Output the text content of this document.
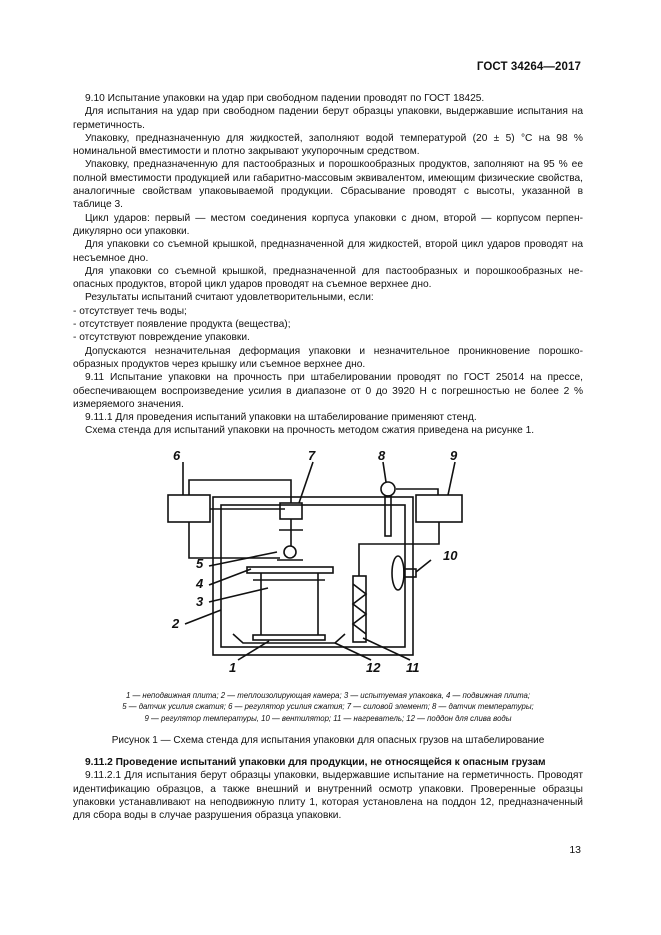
ГОСТ 34264—2017

9.10 Испытание упаковки на удар при свободном падении проводят по ГОСТ 18425.

Для испытания на удар при свободном падении берут образцы упаковки, выдержавшие испытания на герметичность.

Упаковку, предназначенную для жидкостей, заполняют водой температурой (20 ± 5) °С на 98 % номинальной вместимости и плотно закрывают укупорочным средством.

Упаковку, предназначенную для пастообразных и порошкообразных продуктов, заполняют на 95 % ее полной вместимости продукцией или габаритно-массовым эквивалентом, имеющим физические свойства, аналогичные свойствам упаковываемой продукции. Сбрасывание проводят с высоты, указанной в таблице 3.

Цикл ударов: первый — местом соединения корпуса упаковки с дном, второй — корпусом перпендикулярно оси упаковки.

Для упаковки со съемной крышкой, предназначенной для жидкостей, второй цикл ударов проводят на несъемное дно.

Для упаковки со съемной крышкой, предназначенной для пастообразных и порошкообразных неопасных продуктов, второй цикл ударов проводят на съемное верхнее дно.

Результаты испытаний считают удовлетворительными, если:

- отсутствует течь воды;

- отсутствует появление продукта (вещества);

- отсутствуют повреждение упаковки.

Допускаются незначительная деформация упаковки и незначительное проникновение порошкообразных продуктов через крышку или съемное верхнее дно.

9.11 Испытание упаковки на прочность при штабелировании проводят по ГОСТ 25014 на прессе, обеспечивающем воспроизведение усилия в диапазоне от 0 до 3920 Н с погрешностью не более 2 % измеряемого значения.

9.11.1 Для проведения испытаний упаковки на штабелирование применяют стенд.

Схема стенда для испытаний упаковки на прочность методом сжатия приведена на рисунке 1.

6	7	8	9
10
5
4
3
2
1	12 11
1 — неподвижная плита; 2 — теплоизолирующая камера; 3 — испытуемая упаковка, 4 — подвижная плита;
5 — датчик усилия сжатия; 6 — регулятор усилия сжатия; 7 — силовой элемент; 8 — датчик температуры;
9 — регулятор температуры, 10 — вентилятор; 11 — нагреватель; 12 — поддон для слива воды
Рисунок 1 — Схема стенда для испытания упаковки для опасных грузов на штабелирование

9.11.2 Проведение испытаний упаковки для продукции, не относящейся к опасным грузам

9.11.2.1 Для испытания берут образцы упаковки, выдержавшие испытание на герметичность. Проводят идентификацию образцов, а также внешний и внутренний осмотр упаковки. Проверенные образцы упаковки устанавливают на неподвижную плиту 1, которая установлена на поддон 12, предназначенный для сбора воды в случае разрушения образца упаковки.

13
